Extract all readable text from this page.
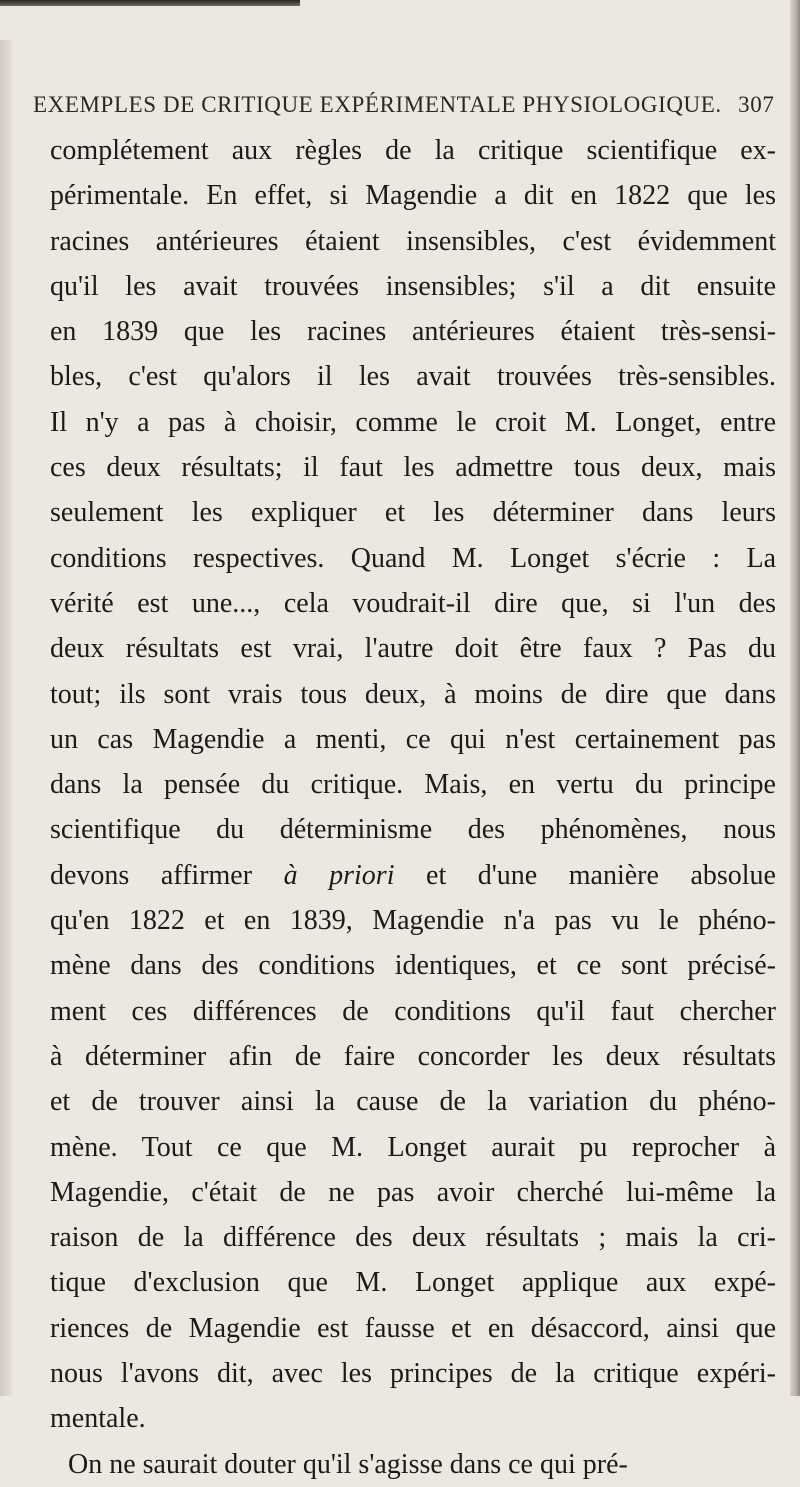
EXEMPLES DE CRITIQUE EXPÉRIMENTALE PHYSIOLOGIQUE. 307
complétement aux règles de la critique scientifique ex-
périmentale. En effet, si Magendie a dit en 1822 que les
racines antérieures étaient insensibles, c'est évidemment
qu'il les avait trouvées insensibles; s'il a dit ensuite
en 1839 que les racines antérieures étaient très-sensi-
bles, c'est qu'alors il les avait trouvées très-sensibles.
Il n'y a pas à choisir, comme le croit M. Longet, entre
ces deux résultats; il faut les admettre tous deux, mais
seulement les expliquer et les déterminer dans leurs
conditions respectives. Quand M. Longet s'écrie : La
vérité est une..., cela voudrait-il dire que, si l'un des
deux résultats est vrai, l'autre doit être faux ? Pas du
tout; ils sont vrais tous deux, à moins de dire que dans
un cas Magendie a menti, ce qui n'est certainement pas
dans la pensée du critique. Mais, en vertu du principe
scientifique du déterminisme des phénomènes, nous
devons affirmer à priori et d'une manière absolue
qu'en 1822 et en 1839, Magendie n'a pas vu le phéno-
mène dans des conditions identiques, et ce sont précisé-
ment ces différences de conditions qu'il faut chercher
à déterminer afin de faire concorder les deux résultats
et de trouver ainsi la cause de la variation du phéno-
mène. Tout ce que M. Longet aurait pu reprocher à
Magendie, c'était de ne pas avoir cherché lui-même la
raison de la différence des deux résultats ; mais la cri-
tique d'exclusion que M. Longet applique aux expé-
riences de Magendie est fausse et en désaccord, ainsi que
nous l'avons dit, avec les principes de la critique expéri-
mentale.
On ne saurait douter qu'il s'agisse dans ce qui pré-
